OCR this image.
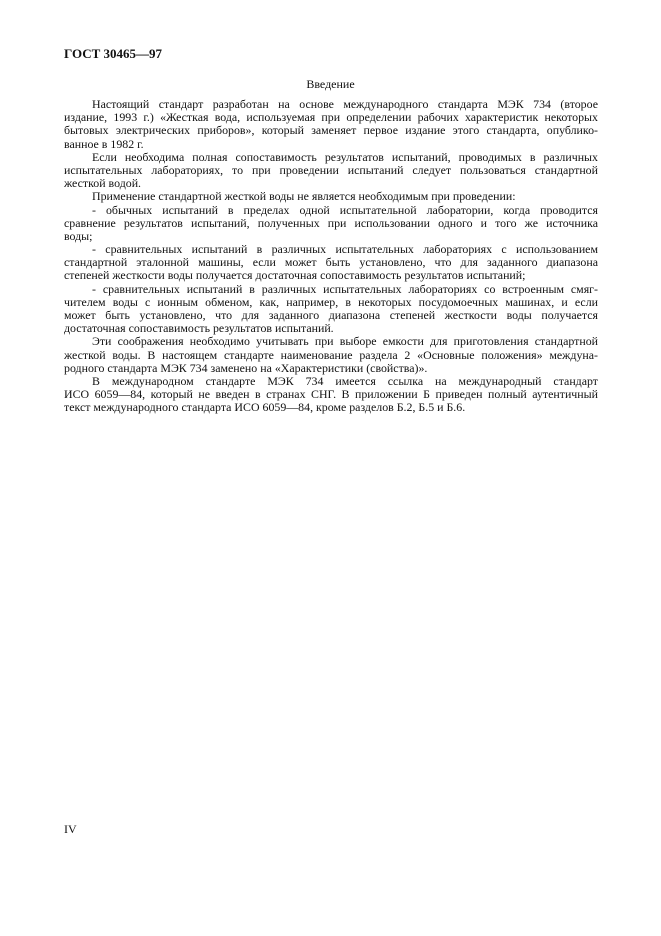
ГОСТ 30465—97
Введение
Настоящий стандарт разработан на основе международного стандарта МЭК 734 (второе
издание, 1993 г.) «Жесткая вода, используемая при определении рабочих характеристик некоторых
бытовых электрических приборов», который заменяет первое издание этого стандарта, опублико-
ванное в 1982 г.
Если необходима полная сопоставимость результатов испытаний, проводимых в различных
испытательных лабораториях, то при проведении испытаний следует пользоваться стандартной
жесткой водой.
Применение стандартной жесткой воды не является необходимым при проведении:
- обычных испытаний в пределах одной испытательной лаборатории, когда проводится
сравнение результатов испытаний, полученных при использовании одного и того же источника
воды;
- сравнительных испытаний в различных испытательных лабораториях с использованием
стандартной эталонной машины, если может быть установлено, что для заданного диапазона
степеней жесткости воды получается достаточная сопоставимость результатов испытаний;
- сравнительных испытаний в различных испытательных лабораториях со встроенным смяг-
чителем воды с ионным обменом, как, например, в некоторых посудомоечных машинах, и если
может быть установлено, что для заданного диапазона степеней жесткости воды получается
достаточная сопоставимость результатов испытаний.
Эти соображения необходимо учитывать при выборе емкости для приготовления стандартной
жесткой воды. В настоящем стандарте наименование раздела 2 «Основные положения» междуна-
родного стандарта МЭК 734 заменено на «Характеристики (свойства)».
В международном стандарте МЭК 734 имеется ссылка на международный стандарт
ИСО 6059—84, который не введен в странах СНГ. В приложении Б приведен полный аутентичный
текст международного стандарта ИСО 6059—84, кроме разделов Б.2, Б.5 и Б.6.
IV
